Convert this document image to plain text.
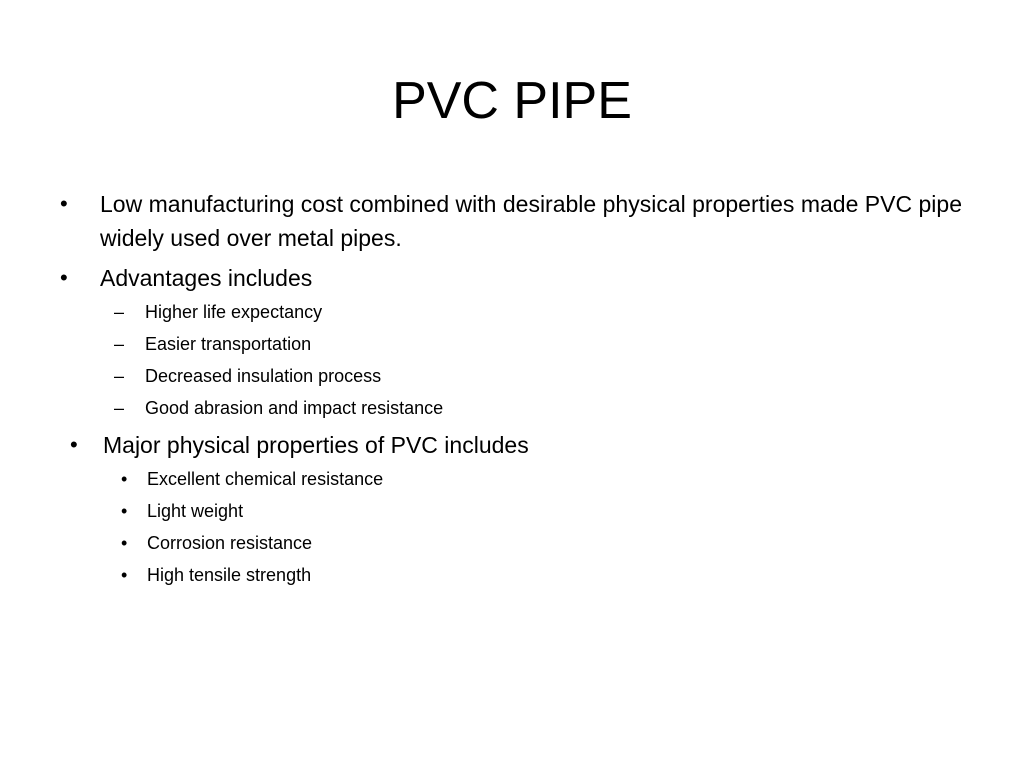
PVC PIPE
• Low manufacturing cost combined with desirable physical properties made PVC pipe widely used over metal pipes.
• Advantages includes
– Higher life expectancy
– Easier transportation
– Decreased insulation process
– Good abrasion and impact resistance
• Major physical properties of PVC includes
• Excellent chemical resistance
• Light weight
• Corrosion resistance
• High tensile strength
